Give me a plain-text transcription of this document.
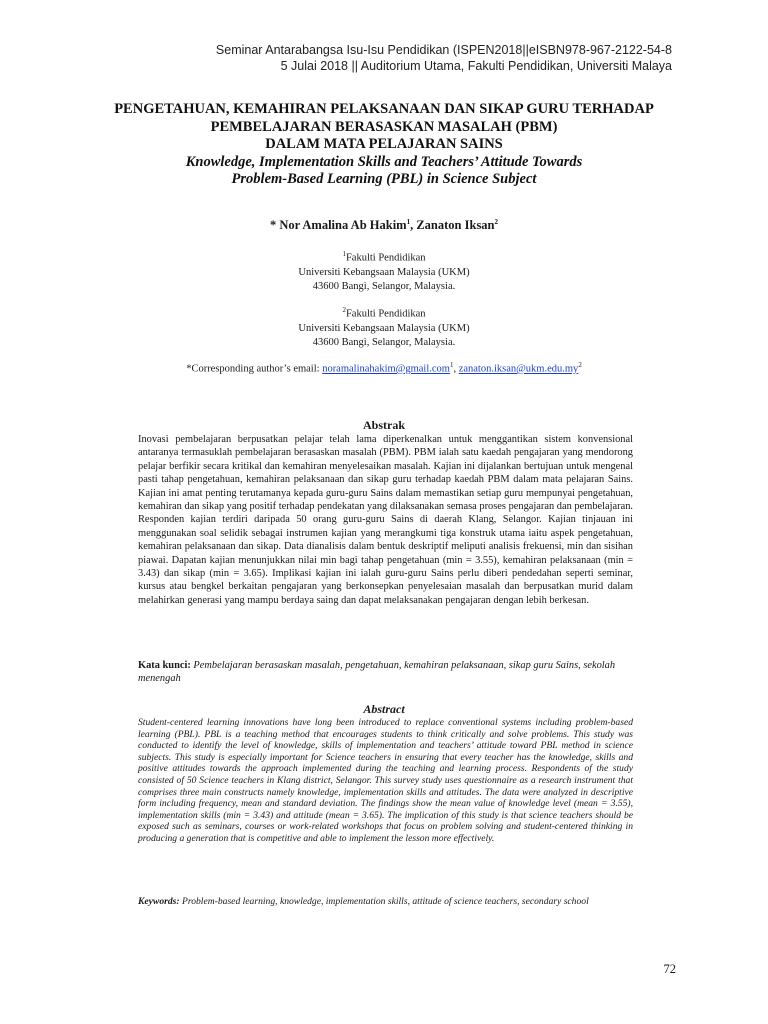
Seminar Antarabangsa Isu-Isu Pendidikan (ISPEN2018||eISBN978-967-2122-54-8
5 Julai 2018 || Auditorium Utama, Fakulti Pendidikan, Universiti Malaya
PENGETAHUAN, KEMAHIRAN PELAKSANAAN DAN SIKAP GURU TERHADAP
PEMBELAJARAN BERASASKAN MASALAH (PBM)
DALAM MATA PELAJARAN SAINS
Knowledge, Implementation Skills and Teachers’ Attitude Towards
Problem-Based Learning (PBL) in Science Subject
* Nor Amalina Ab Hakim$^1$, Zanaton Iksan$^2$
$^1$Fakulti Pendidikan
Universiti Kebangsaan Malaysia (UKM)
43600 Bangi, Selangor, Malaysia.
$^2$Fakulti Pendidikan
Universiti Kebangsaan Malaysia (UKM)
43600 Bangi, Selangor, Malaysia.
*Corresponding author’s email: noramalinahakim@gmail.com$^1$, $zanaton.iksan@ukm.edu.my^2$
Abstrak
Inovasi pembelajaran berpusatkan pelajar telah lama diperkenalkan untuk menggantikan sistem konvensional antaranya termasuklah pembelajaran berasaskan masalah (PBM). PBM ialah satu kaedah pengajaran yang mendorong pelajar berfikir secara kritikal dan kemahiran menyelesaikan masalah. Kajian ini dijalankan bertujuan untuk mengenal pasti tahap pengetahuan, kemahiran pelaksanaan dan sikap guru terhadap kaedah PBM dalam mata pelajaran Sains. Kajian ini amat penting terutamanya kepada guru-guru Sains dalam memastikan setiap guru mempunyai pengetahuan, kemahiran dan sikap yang positif terhadap pendekatan yang dilaksanakan semasa proses pengajaran dan pembelajaran. Responden kajian terdiri daripada 50 orang guru-guru Sains di daerah Klang, Selangor. Kajian tinjauan ini menggunakan soal selidik sebagai instrumen kajian yang merangkumi tiga konstruk utama iaitu aspek pengetahuan, kemahiran pelaksanaan dan sikap. Data dianalisis dalam bentuk deskriptif meliputi analisis frekuensi, min dan sisihan piawai. Dapatan kajian menunjukkan nilai min bagi tahap pengetahuan (min = 3.55), kemahiran pelaksanaan (min = 3.43) dan sikap (min = 3.65). Implikasi kajian ini ialah guru-guru Sains perlu diberi pendedahan seperti seminar, kursus atau bengkel berkaitan pengajaran yang berkonsepkan penyelesaian masalah dan berpusatkan murid dalam melahirkan generasi yang mampu berdaya saing dan dapat melaksanakan pengajaran dengan lebih berkesan.
Kata kunci: Pembelajaran berasaskan masalah, pengetahuan, kemahiran pelaksanaan, sikap guru Sains, sekolah menengah
Abstract
Student-centered learning innovations have long been introduced to replace conventional systems including problem-based learning (PBL). PBL is a teaching method that encourages students to think critically and solve problems. This study was conducted to identify the level of knowledge, skills of implementation and teachers’ attitude toward PBL method in science subjects. This study is especially important for Science teachers in ensuring that every teacher has the knowledge, skills and positive attitudes towards the approach implemented during the teaching and learning process. Respondents of the study consisted of 50 Science teachers in Klang district, Selangor. This survey study uses questionnaire as a research instrument that comprises three main constructs namely knowledge, implementation skills and attitudes. The data were analyzed in descriptive form including frequency, mean and standard deviation. The findings show the mean value of knowledge level (mean = 3.55), implementation skills (min = 3.43) and attitude (mean = 3.65). The implication of this study is that science teachers should be exposed such as seminars, courses or work-related workshops that focus on problem solving and student-centered thinking in producing a generation that is competitive and able to implement the lesson more effectively.
Keywords: Problem-based learning, knowledge, implementation skills, attitude of science teachers, secondary school
72
